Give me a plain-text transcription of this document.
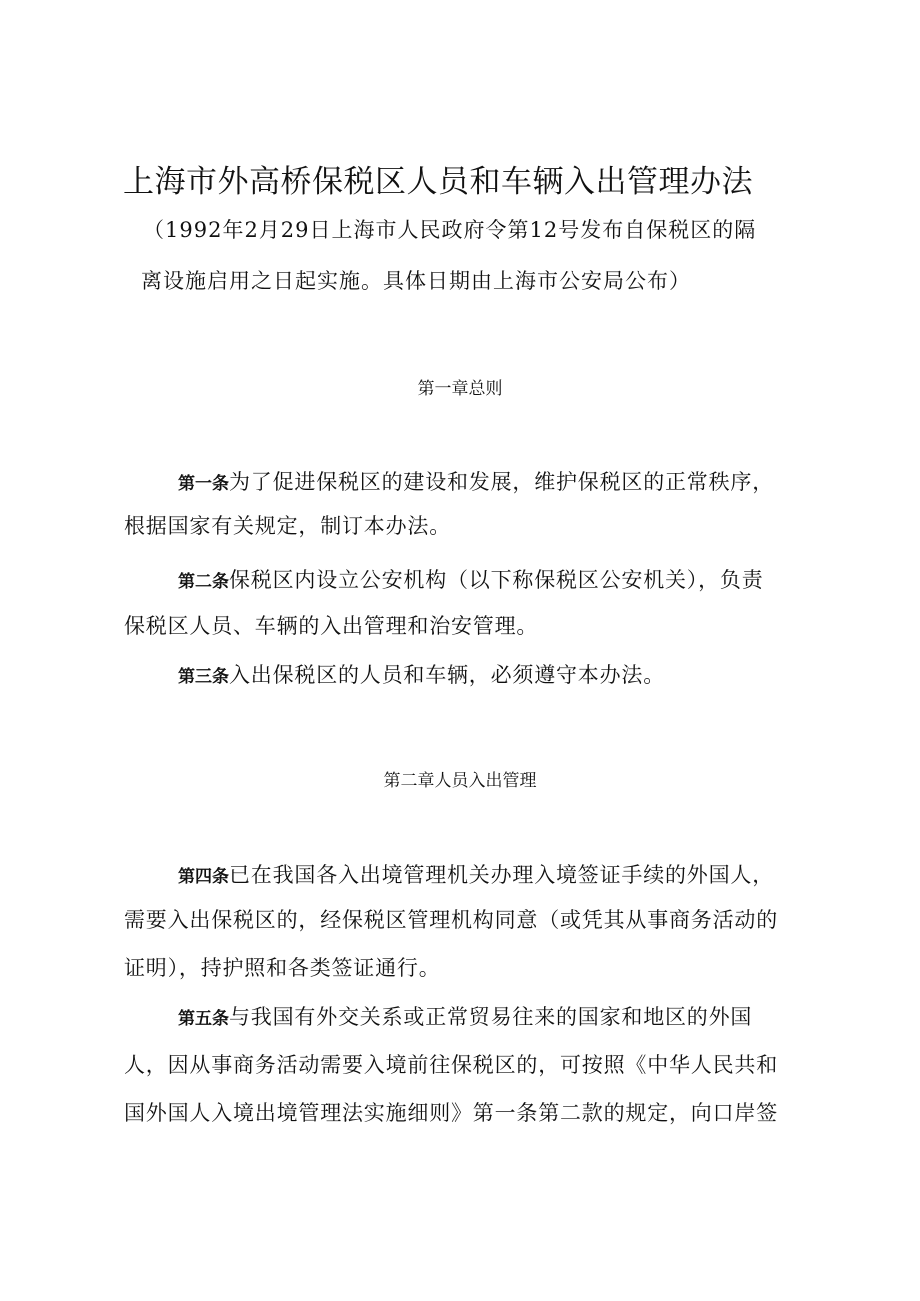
上海市外高桥保税区人员和车辆入出管理办法

（1992年2月29日上海市人民政府令第12号发布自保税区的隔

离设施启用之日起实施。具体日期由上海市公安局公布）

第一章总则

第一条为了促进保税区的建设和发展，维护保税区的正常秩序，

根据国家有关规定，制订本办法。

第二条保税区内设立公安机构（以下称保税区公安机关），负责

保税区人员、车辆的入出管理和治安管理。

第三条入出保税区的人员和车辆，必须遵守本办法。

第二章人员入出管理

第四条已在我国各入出境管理机关办理入境签证手续的外国人，

需要入出保税区的，经保税区管理机构同意（或凭其从事商务活动的

证明），持护照和各类签证通行。

第五条与我国有外交关系或正常贸易往来的国家和地区的外国

人，因从事商务活动需要入境前往保税区的，可按照《中华人民共和

国外国人入境出境管理法实施细则》第一条第二款的规定，向口岸签
